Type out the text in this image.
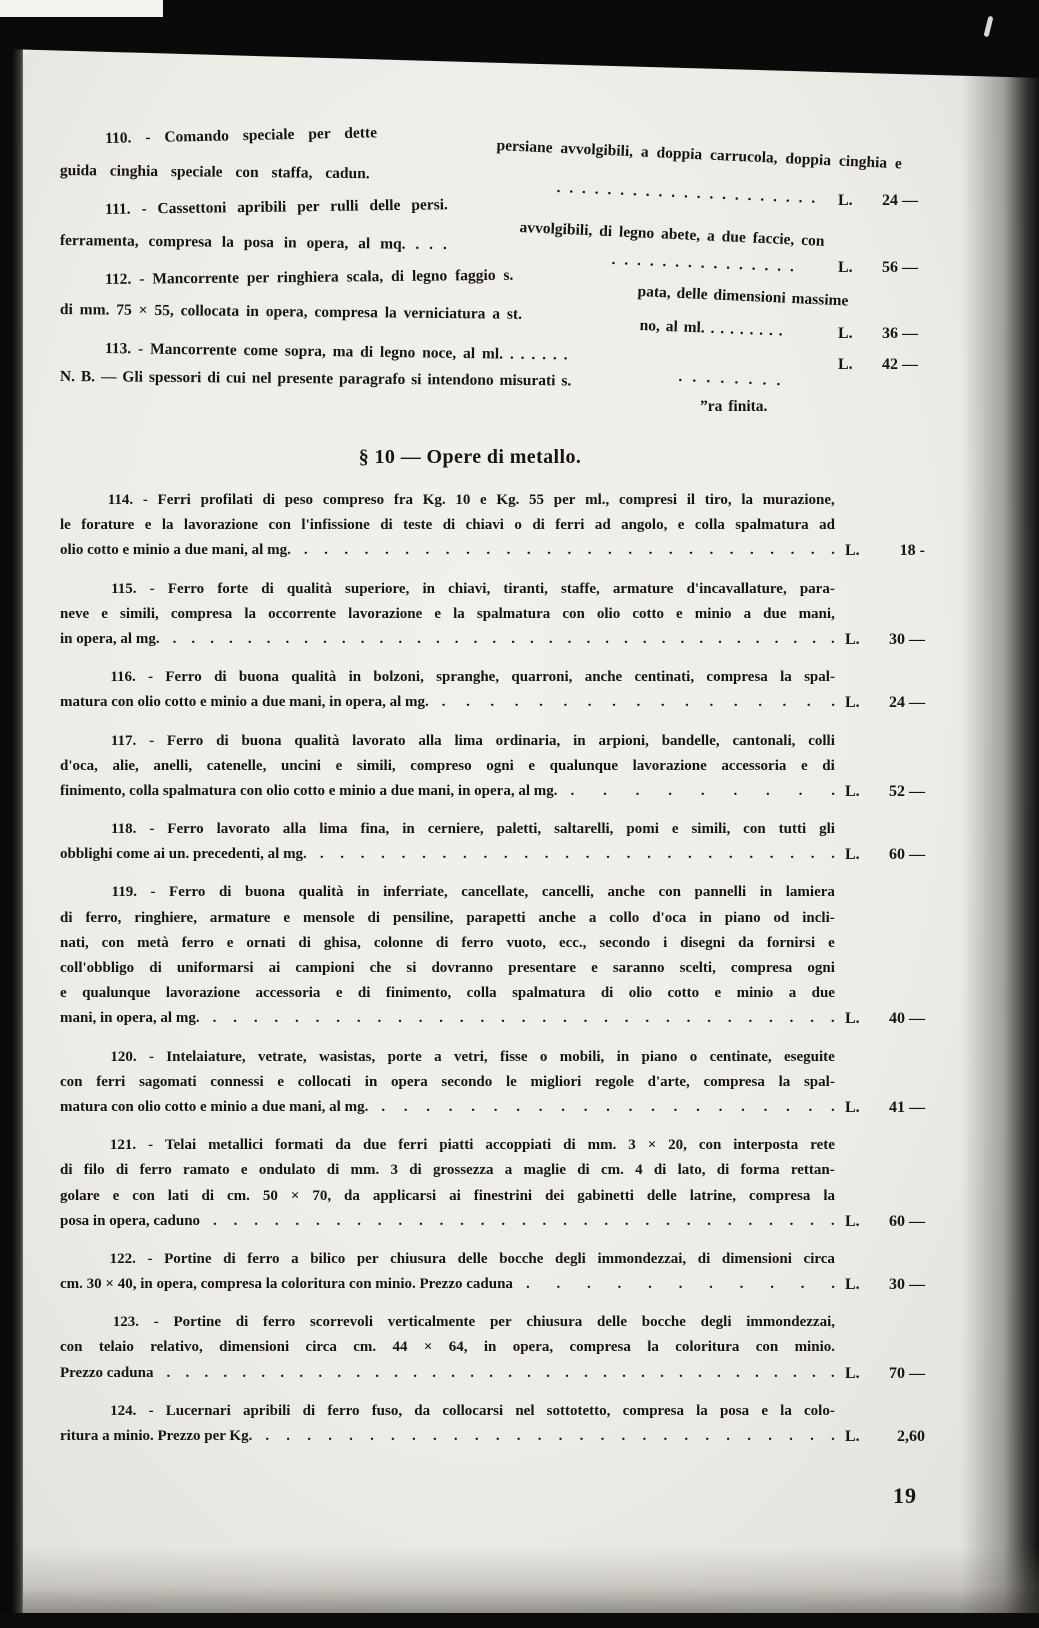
110. - Comando speciale per dette
persiane avvolgibili, a doppia carrucola, doppia cinghia e
guida cinghia speciale con staffa, cadun.
. . . . . . . . . . . . . . . . . . . . .
111. - Cassettoni apribili per rulli delle persi.
avvolgibili, di legno abete, a due faccie, con
ferramenta, compresa la posa in opera, al mq. . . .
. . . . . . . . . . . . . . .
112. - Mancorrente per ringhiera scala, di legno faggio s.
pata, delle dimensioni massime
di mm. 75 × 55, collocata in opera, compresa la verniciatura a st.
no, al ml. . . . . . . . .
113. - Mancorrente come sopra, ma di legno noce, al ml. . . . . . .
N. B. — Gli spessori di cui nel presente paragrafo si intendono misurati s.	· · · · · · · ·
”ra finita.
L. 24 —
L. 56 —
L. 36 —
L. 42 —
§ 10 — Opere di metallo.
114. - Ferri profilati di peso compreso fra Kg. 10 e Kg. 55 per ml., compresi il tiro, la murazione,
le forature e la lavorazione con l'infissione di teste di chiavi o di ferri ad angolo, e colla spalmatura ad
olio cotto e minio a due mani, al mg. . . . . . . . . . . . . . . . . . . . . . . . . . . . L.	18 -
115. - Ferro forte di qualità superiore, in chiavi, tiranti, staffe, armature d'incavallature, para-
neve e simili, compresa la occorrente lavorazione e la spalmatura con olio cotto e minio a due mani,
in opera, al mg. . . . . . . . . . . . . . . . . . . . . . . . . . . . . . . . . . . . . L. 30 —
116. - Ferro di buona qualità in bolzoni, spranghe, quarroni, anche centinati, compresa la spal-
matura con olio cotto e minio a due mani, in opera, al mg. . . . . . . . . . . . . . . . . . L. 24 —
117. - Ferro di buona qualità lavorato alla lima ordinaria, in arpioni, bandelle, cantonali, colli
d'oca, alie, anelli, catenelle, uncini e simili, compreso ogni e qualunque lavorazione accessoria e di
finimento, colla spalmatura con olio cotto e minio a due mani, in opera, al mg. . . . . . . . . . L. 52 —
118. - Ferro lavorato alla lima fina, in cerniere, paletti, saltarelli, pomi e simili, con tutti gli
obblighi come ai un. precedenti, al mg. . . . . . . . . . . . . . . . . . . . . . . . . . . L. 60 —
119. - Ferro di buona qualità in inferriate, cancellate, cancelli, anche con pannelli in lamiera
di ferro, ringhiere, armature e mensole di pensiline, parapetti anche a collo d'oca in piano od incli-
nati, con metà ferro e ornati di ghisa, colonne di ferro vuoto, ecc., secondo i disegni da fornirsi e
coll'obbligo di uniformarsi ai campioni che si dovranno presentare e saranno scelti, compresa ogni
e qualunque lavorazione accessoria e di finimento, colla spalmatura di olio cotto e minio a due
mani, in opera, al mg. . . . . . . . . . . . . . . . . . . . . . . . . . . . . . . . L. 40 —
120. - Intelaiature, vetrate, wasistas, porte a vetri, fisse o mobili, in piano o centinate, eseguite
con ferri sagomati connessi e collocati in opera secondo le migliori regole d'arte, compresa la spal-
matura con olio cotto e minio a due mani, al mg. . . . . . . . . . . . . . . . . . . . . . L. 41 —
121. - Telai metallici formati da due ferri piatti accoppiati di mm. 3 × 20, con interposta rete
di filo di ferro ramato e ondulato di mm. 3 di grossezza a maglie di cm. 4 di lato, di forma rettan-
golare e con lati di cm. 50 × 70, da applicarsi ai finestrini dei gabinetti delle latrine, compresa la
posa in opera, caduno . . . . . . . . . . . . . . . . . . . . . . . . . . . . . . . L. 60 —
122. - Portine di ferro a bilico per chiusura delle bocche degli immondezzai, di dimensioni circa
cm. 30 × 40, in opera, compresa la coloritura con minio. Prezzo caduna . . . . . . . . . . . L. 30 —
123. - Portine di ferro scorrevoli verticalmente per chiusura delle bocche degli immondezzai,
con telaio relativo, dimensioni circa cm. 44 × 64, in opera, compresa la coloritura con minio.
Prezzo caduna . . . . . . . . . . . . . . . . . . . . . . . . . . . . . . . . . . . . L. 70 —
124. - Lucernari apribili di ferro fuso, da collocarsi nel sottotetto, compresa la posa e la colo-
ritura a minio. Prezzo per Kg. . . . . . . . . . . . . . . . . . . . . . . . . . . . . L. 2,60
19
